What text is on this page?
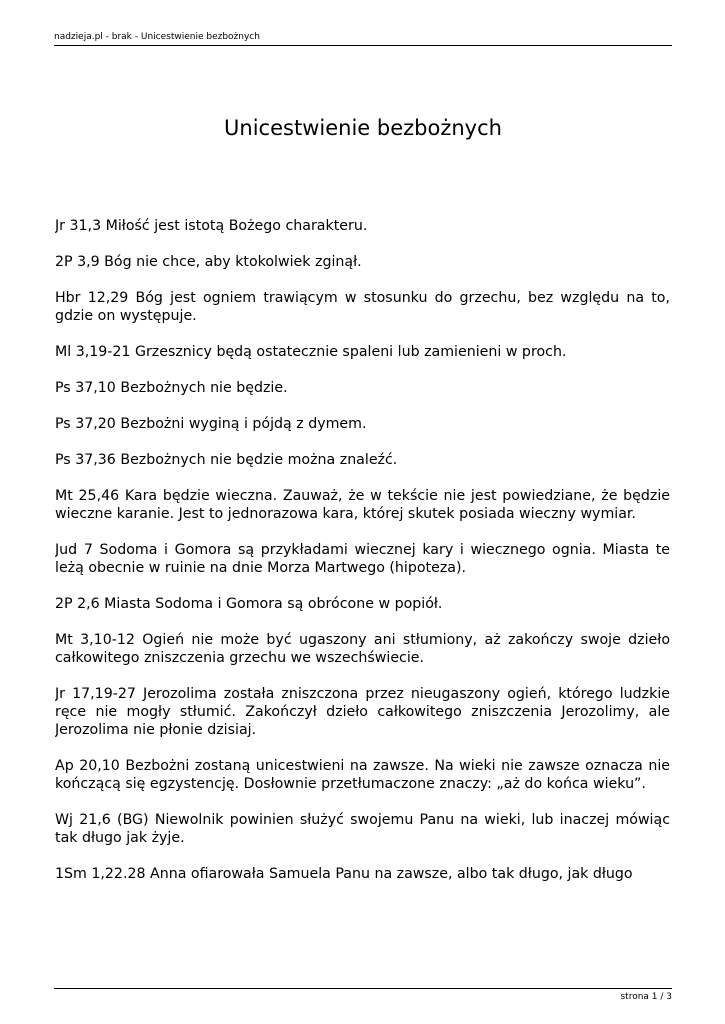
nadzieja.pl - brak - Unicestwienie bezbożnych
Unicestwienie bezbożnych

Jr 31,3 Miłość jest istotą Bożego charakteru.

2P 3,9 Bóg nie chce, aby ktokolwiek zginął.

Hbr 12,29 Bóg jest ogniem trawiącym w stosunku do grzechu, bez względu na to, gdzie on występuje.

Ml 3,19-21 Grzesznicy będą ostatecznie spaleni lub zamienieni w proch.

Ps 37,10 Bezbożnych nie będzie.

Ps 37,20 Bezbożni wyginą i pójdą z dymem.

Ps 37,36 Bezbożnych nie będzie można znaleźć.

Mt 25,46 Kara będzie wieczna. Zauważ, że w tekście nie jest powiedziane, że będzie wieczne karanie. Jest to jednorazowa kara, której skutek posiada wieczny wymiar.

Jud 7 Sodoma i Gomora są przykładami wiecznej kary i wiecznego ognia. Miasta te leżą obecnie w ruinie na dnie Morza Martwego (hipoteza).

2P 2,6 Miasta Sodoma i Gomora są obrócone w popiół.

Mt 3,10-12 Ogień nie może być ugaszony ani stłumiony, aż zakończy swoje dzieło całkowitego zniszczenia grzechu we wszechświecie.

Jr 17,19-27 Jerozolima została zniszczona przez nieugaszony ogień, którego ludzkie ręce nie mogły stłumić. Zakończył dzieło całkowitego zniszczenia Jerozolimy, ale Jerozolima nie płonie dzisiaj.

Ap 20,10 Bezbożni zostaną unicestwieni na zawsze. Na wieki nie zawsze oznacza nie kończącą się egzystencję. Dosłownie przetłumaczone znaczy: „aż do końca wieku”.

Wj 21,6 (BG) Niewolnik powinien służyć swojemu Panu na wieki, lub inaczej mówiąc tak długo jak żyje.

1Sm 1,22.28 Anna ofiarowała Samuela Panu na zawsze, albo tak długo, jak długo

strona 1 / 3
